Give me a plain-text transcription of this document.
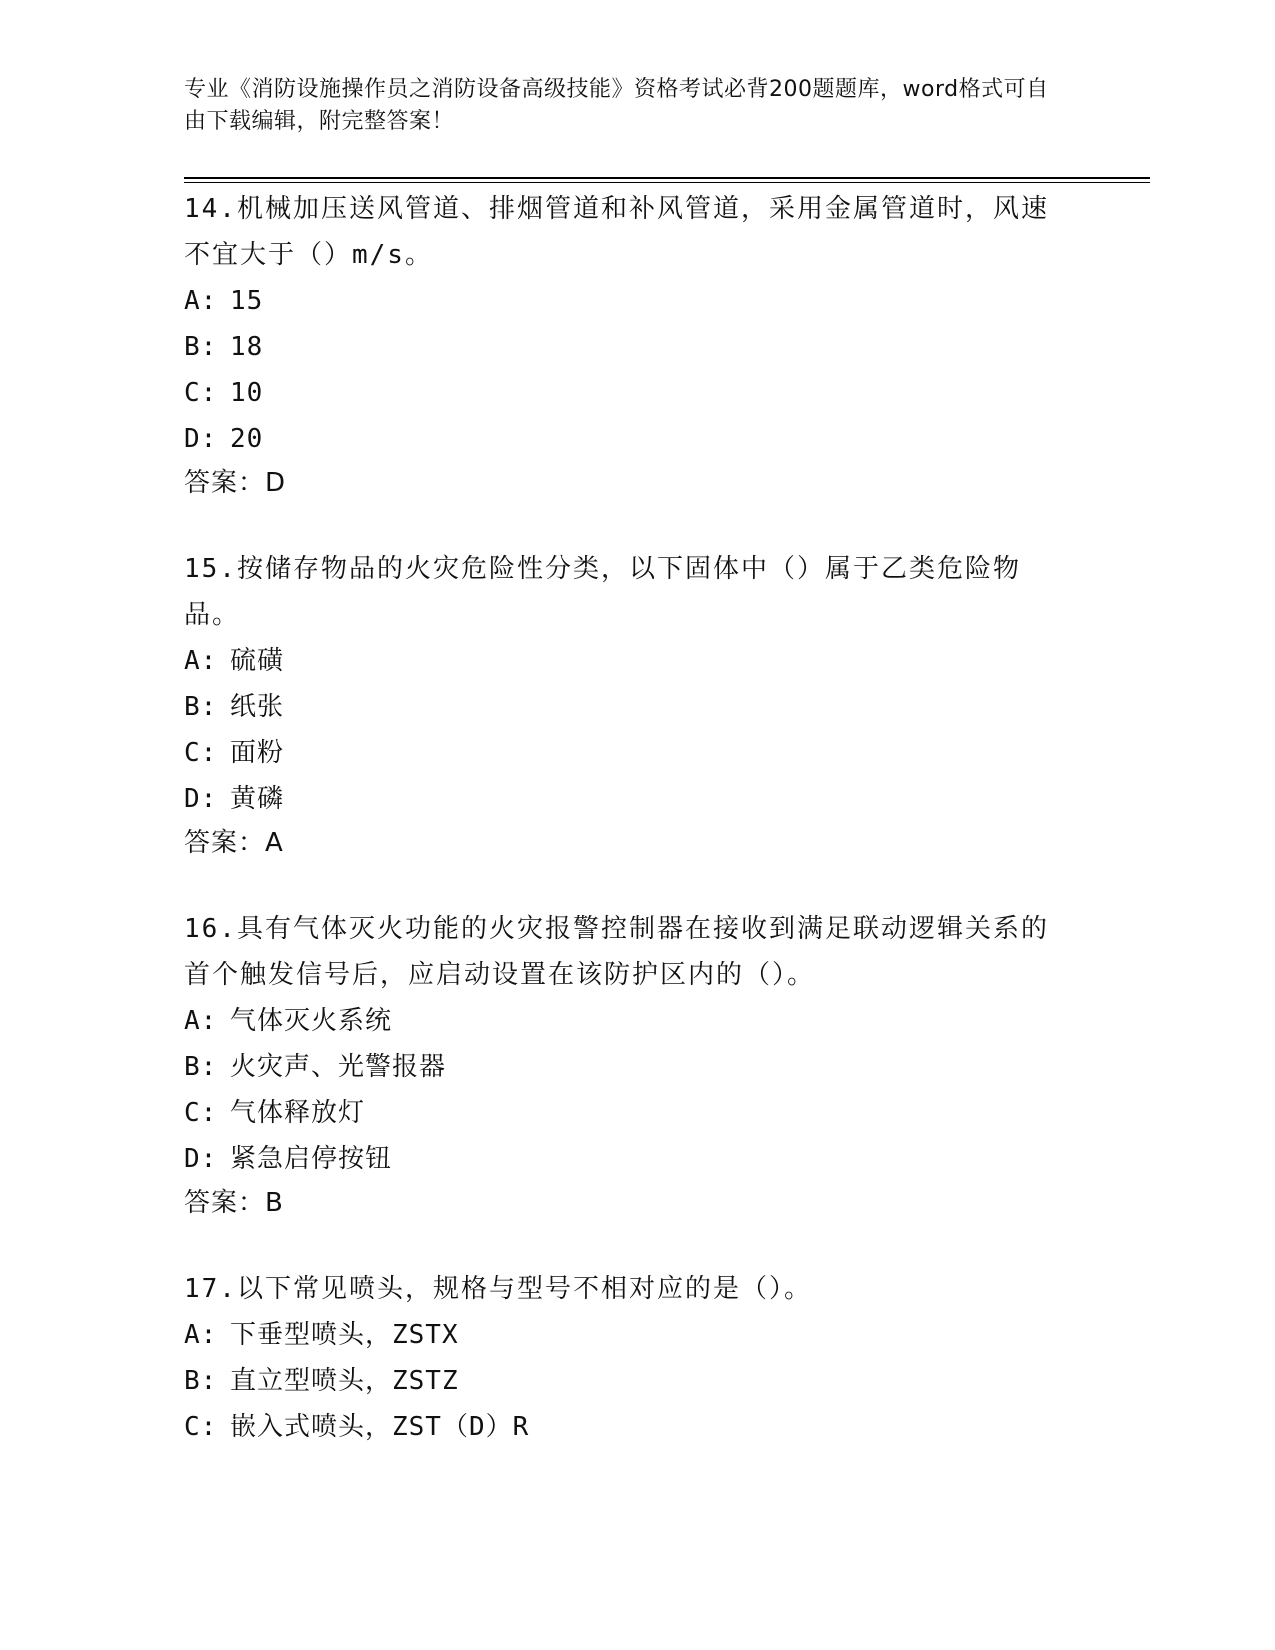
专业《消防设施操作员之消防设备高级技能》资格考试必背200题题库，word格式可自由下载编辑，附完整答案！
14.机械加压送风管道、排烟管道和补风管道，采用金属管道时，风速不宜大于（）m/s。
A: 15
B: 18
C: 10
D: 20
答案：D
15.按储存物品的火灾危险性分类，以下固体中（）属于乙类危险物品。
A: 硫磺
B: 纸张
C: 面粉
D: 黄磷
答案：A
16.具有气体灭火功能的火灾报警控制器在接收到满足联动逻辑关系的首个触发信号后，应启动设置在该防护区内的（）。
A: 气体灭火系统
B: 火灾声、光警报器
C: 气体释放灯
D: 紧急启停按钮
答案：B
17.以下常见喷头，规格与型号不相对应的是（）。
A: 下垂型喷头，ZSTX
B: 直立型喷头，ZSTZ
C: 嵌入式喷头，ZST（D）R
